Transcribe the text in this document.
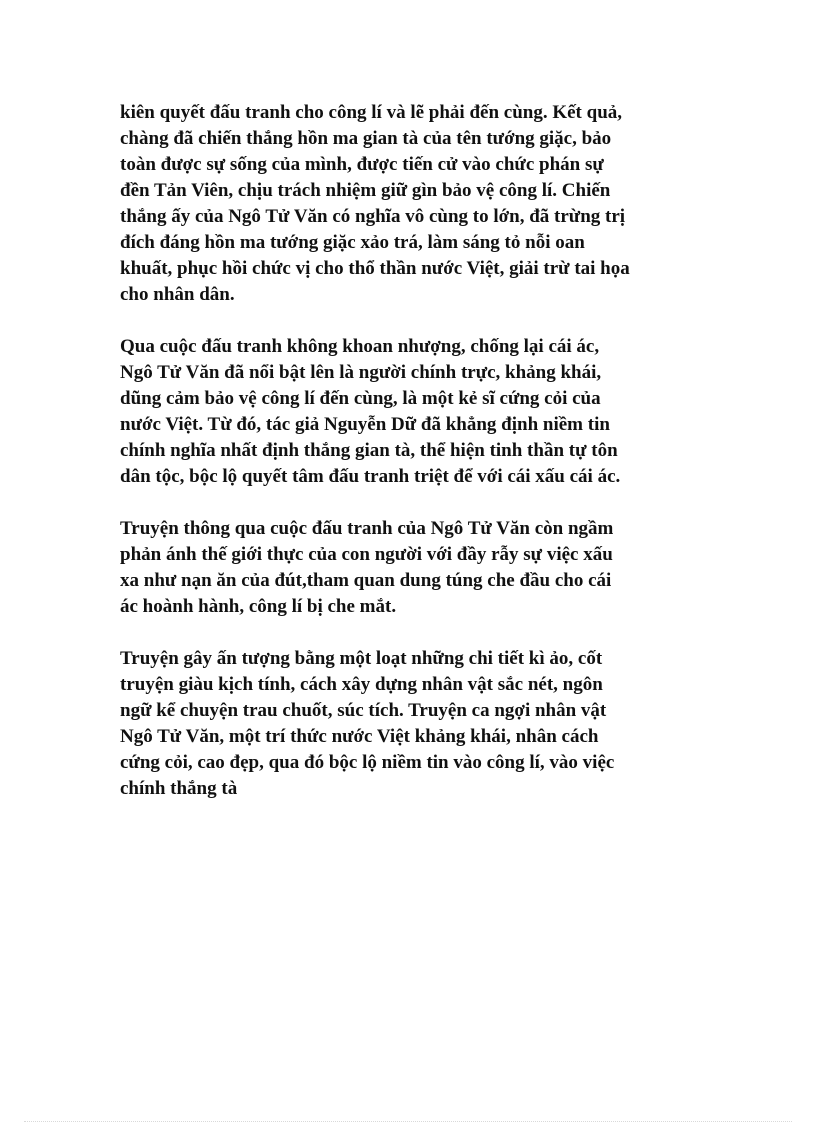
kiên quyết đấu tranh cho công lí và lẽ phải đến cùng. Kết quả,
chàng đã chiến thắng hồn ma gian tà của tên tướng giặc, bảo
toàn được sự sống của mình, được tiến cử vào chức phán sự
đền Tản Viên, chịu trách nhiệm giữ gìn bảo vệ công lí. Chiến
thắng ấy của Ngô Tử Văn có nghĩa vô cùng to lớn, đã trừng trị
đích đáng hồn ma tướng giặc xảo trá, làm sáng tỏ nỗi oan
khuất, phục hồi chức vị cho thổ thần nước Việt, giải trừ tai họa
cho nhân dân.

Qua cuộc đấu tranh không khoan nhượng, chống lại cái ác,
Ngô Tử Văn đã nổi bật lên là người chính trực, khảng khái,
dũng cảm bảo vệ công lí đến cùng, là một kẻ sĩ cứng cỏi của
nước Việt. Từ đó, tác giả Nguyễn Dữ đã khẳng định niềm tin
chính nghĩa nhất định thắng gian tà, thể hiện tinh thần tự tôn
dân tộc, bộc lộ quyết tâm đấu tranh triệt để với cái xấu cái ác.

Truyện thông qua cuộc đấu tranh của Ngô Tử Văn còn ngầm
phản ánh thế giới thực của con người với đầy rẫy sự việc xấu
xa như nạn ăn của đút,tham quan dung túng che đầu cho cái
ác hoành hành, công lí bị che mắt.

Truyện gây ấn tượng bằng một loạt những chi tiết kì ảo, cốt
truyện giàu kịch tính, cách xây dựng nhân vật sắc nét, ngôn
ngữ kể chuyện trau chuốt, súc tích. Truyện ca ngợi nhân vật
Ngô Tử Văn, một trí thức nước Việt khảng khái, nhân cách
cứng cỏi, cao đẹp, qua đó bộc lộ niềm tin vào công lí, vào việc
chính thắng tà
